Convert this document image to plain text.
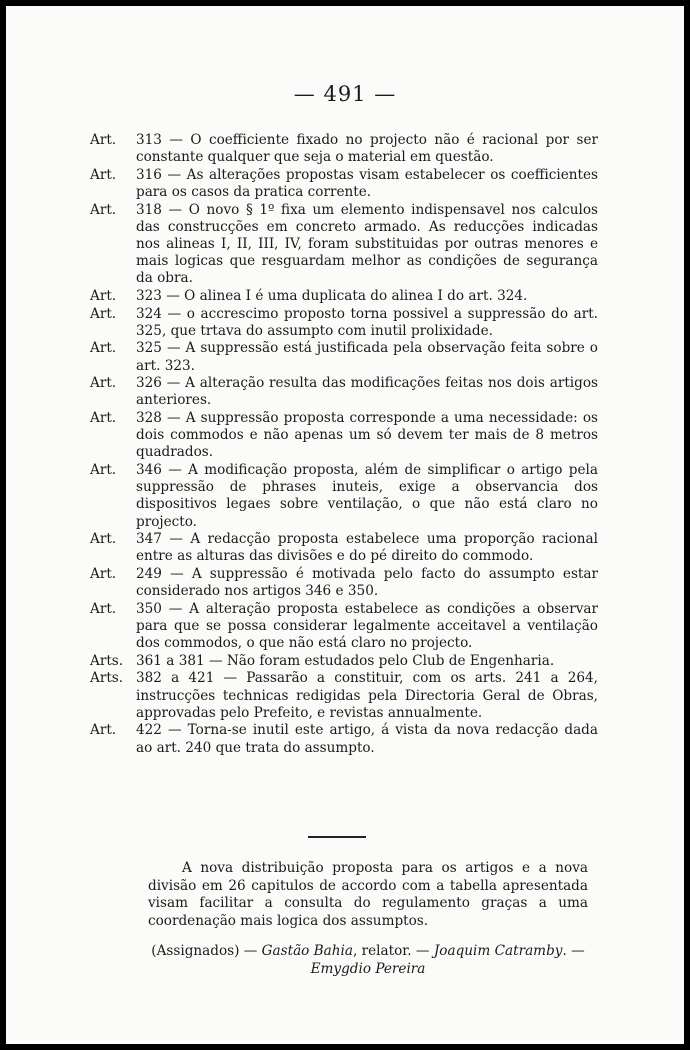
— 491 —
Art.	313 — O coefficiente fixado no projecto não é racional por ser constante qualquer que seja o material em questão.
Art.	316 — As alterações propostas visam estabelecer os coefficientes para os casos da pratica corrente.
Art.	318 — O novo § 1º fixa um elemento indispensavel nos calculos das construcções em concreto armado. As reducções indicadas nos alineas I, II, III, IV, foram substituidas por outras menores e mais logicas que resguardam melhor as condições de segurança da obra.
Art.	323 — O alinea I é uma duplicata do alinea I do art. 324.
Art.	324 — o accrescimo proposto torna possivel a suppressão do art. 325, que trtava do assumpto com inutil prolixidade.
Art.	325 — A suppressão está justificada pela observação feita sobre o art. 323.
Art.	326 — A alteração resulta das modificações feitas nos dois artigos anteriores.
Art.	328 — A suppressão proposta corresponde a uma necessidade: os dois commodos e não apenas um só devem ter mais de 8 metros quadrados.
Art.	346 — A modificação proposta, além de simplificar o artigo pela suppressão de phrases inuteis, exige a observancia dos dispositivos legaes sobre ventilação, o que não está claro no projecto.
Art.	347 — A redacção proposta estabelece uma proporção racional entre as alturas das divisões e do pé direito do commodo.
Art.	249 — A suppressão é motivada pelo facto do assumpto estar considerado nos artigos 346 e 350.
Art.	350 — A alteração proposta estabelece as condições a observar para que se possa considerar legalmente acceitavel a ventilação dos commodos, o que não está claro no projecto.
Arts. 361 a 381 — Não foram estudados pelo Club de Engenharia.
Arts. 382 a 421 — Passarão a constituir, com os arts. 241 a 264, instrucções technicas redigidas pela Directoria Geral de Obras, approvadas pelo Prefeito, e revistas annualmente.
Art.	422 — Torna-se inutil este artigo, á vista da nova redacção dada ao art. 240 que trata do assumpto.
A nova distribuição proposta para os artigos e a nova divisão em 26 capitulos de accordo com a tabella apresentada visam facilitar a consulta do regulamento graças a uma coordenação mais logica dos assumptos.
(Assignados) — Gastão Bahia, relator. — Joaquim Catramby. — Emygdio Pereira
